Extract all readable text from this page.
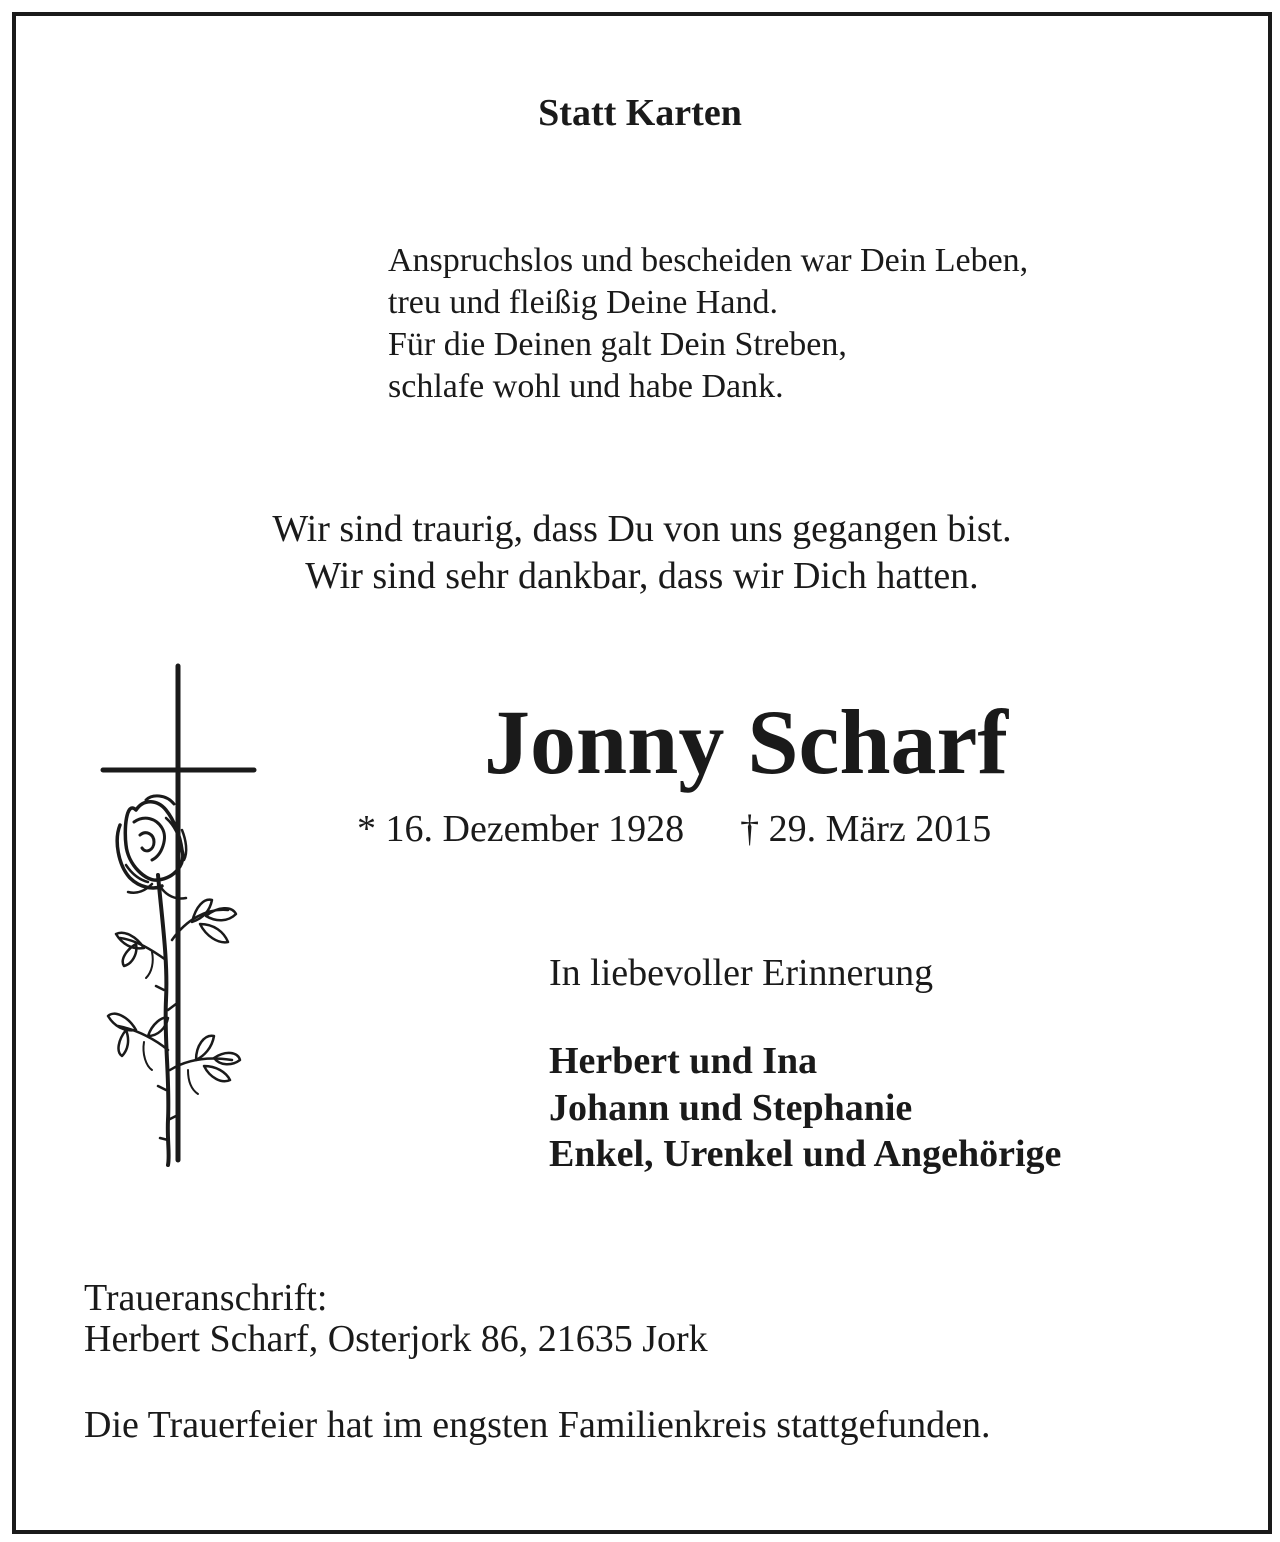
Statt Karten
Anspruchslos und bescheiden war Dein Leben,
treu und fleißig Deine Hand.
Für die Deinen galt Dein Streben,
schlafe wohl und habe Dank.
Wir sind traurig, dass Du von uns gegangen bist.
Wir sind sehr dankbar, dass wir Dich hatten.
Jonny Scharf
* 16. Dezember 1928 † 29. März 2015
In liebevoller Erinnerung
Herbert und Ina
Johann und Stephanie
Enkel, Urenkel und Angehörige
Traueranschrift:
Herbert Scharf, Osterjork 86, 21635 Jork
Die Trauerfeier hat im engsten Familienkreis stattgefunden.
